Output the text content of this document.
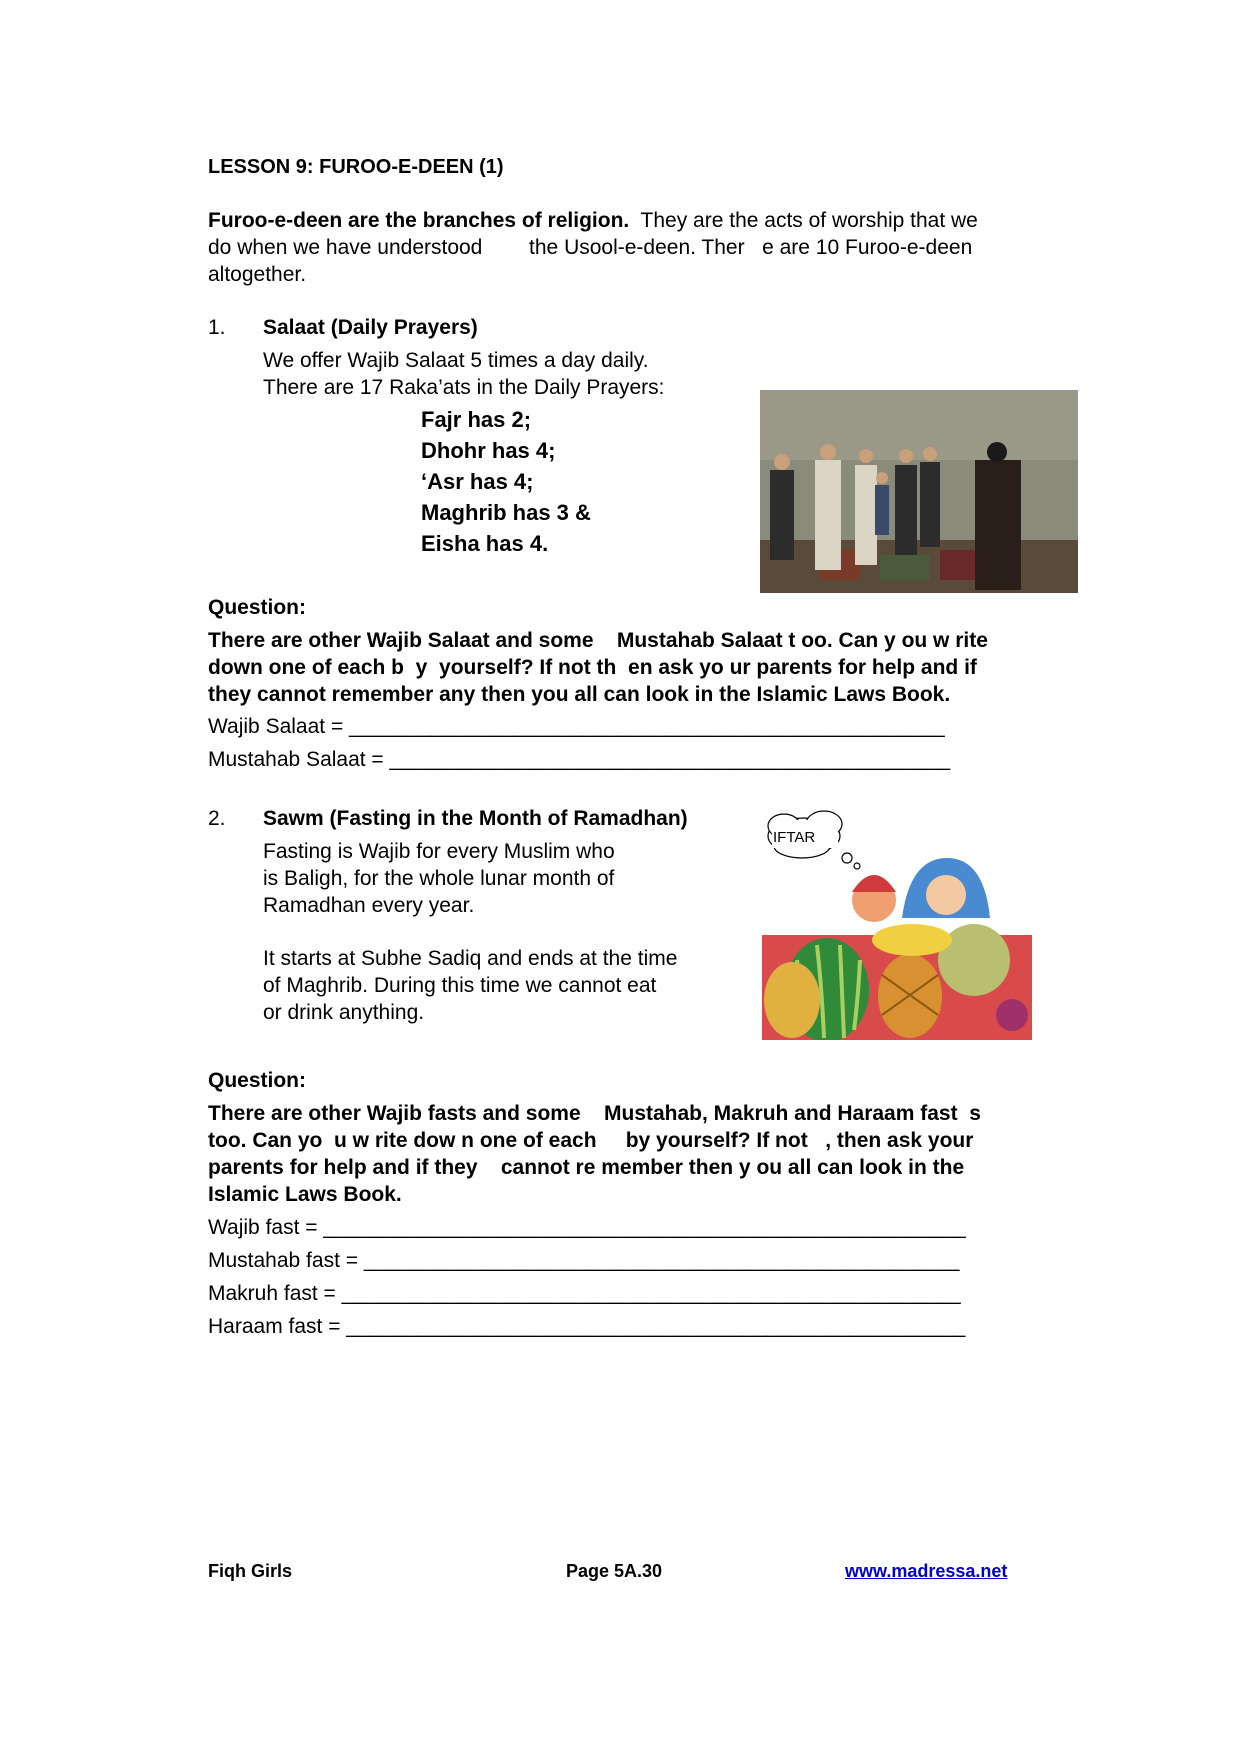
LESSON 9: FUROO-E-DEEN (1)
Furoo-e-deen are the branches of religion. They are the acts of worship that we
do when we have understood        the Usool-e-deen. Ther   e are 10 Furoo-e-deen
altogether.
1. Salaat (Daily Prayers)
We offer Wajib Salaat 5 times a day daily.
There are 17 Raka’ats in the Daily Prayers:
Fajr has 2;
Dhohr has 4;
‘Asr has 4;
Maghrib has 3 &
Eisha has 4.
Question:
There are other Wajib Salaat and some    Mustahab Salaat t oo. Can y ou w rite
down one of each b  y  yourself? If not th  en ask yo ur parents for help and if
they cannot remember any then you all can look in the Islamic Laws Book.
Wajib Salaat = ___________________________________________________
Mustahab Salaat = ________________________________________________
2. Sawm (Fasting in the Month of Ramadhan)
Fasting is Wajib for every Muslim who
is Baligh, for the whole lunar month of
Ramadhan every year.
It starts at Subhe Sadiq and ends at the time
of Maghrib. During this time we cannot eat
or drink anything.
IFTAR
Question:
There are other Wajib fasts and some    Mustahab, Makruh and Haraam fast  s
too. Can yo  u w rite dow n one of each     by yourself? If not   , then ask your
parents for help and if they    cannot re member then y ou all can look in the
Islamic Laws Book.
Wajib fast = _______________________________________________________
Mustahab fast = ___________________________________________________
Makruh fast = _____________________________________________________
Haraam fast = _____________________________________________________
Fiqh Girls	Page 5A.30	www.madressa.net
